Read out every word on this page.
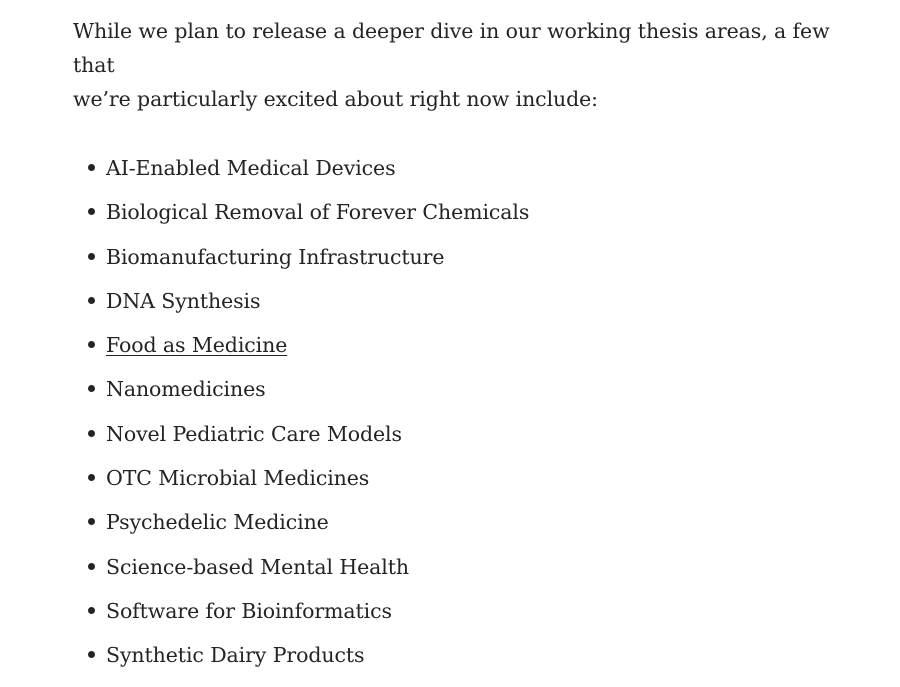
While we plan to release a deeper dive in our working thesis areas, a few that
we’re particularly excited about right now include:

AI-Enabled Medical Devices
Biological Removal of Forever Chemicals
Biomanufacturing Infrastructure
DNA Synthesis
Food as Medicine
Nanomedicines
Novel Pediatric Care Models
OTC Microbial Medicines
Psychedelic Medicine
Science-based Mental Health
Software for Bioinformatics
Synthetic Dairy Products
